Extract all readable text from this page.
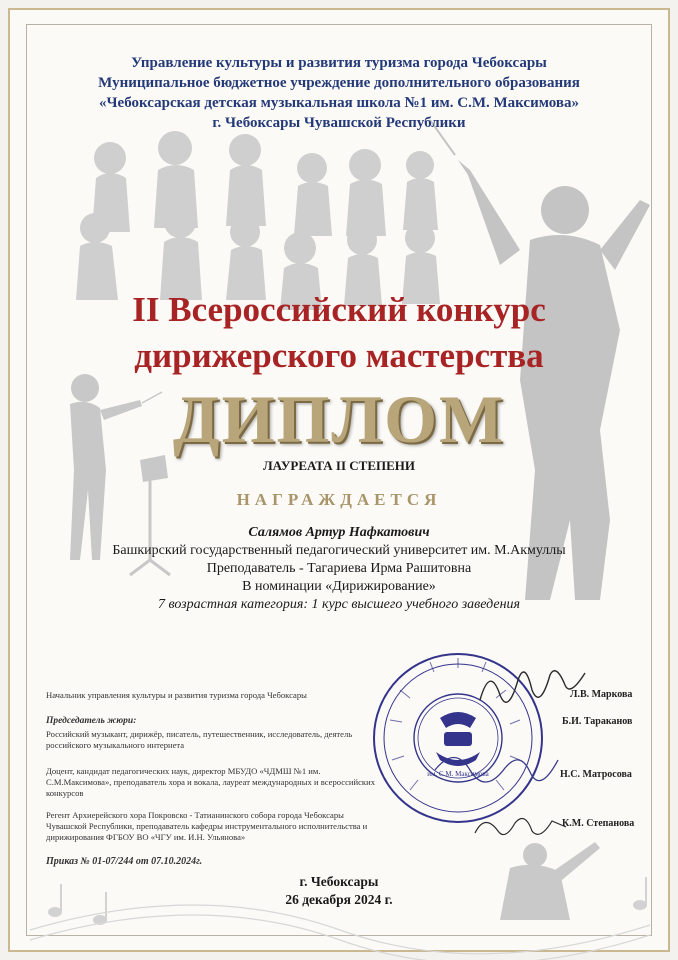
Управление культуры и развития туризма города Чебоксары
Муниципальное бюджетное учреждение дополнительного образования
«Чебоксарская детская музыкальная школа №1 им. С.М. Максимова»
г. Чебоксары Чувашской Республики
II Всероссийский конкурс
дирижерского мастерства
ДИПЛОМ
ЛАУРЕАТА II СТЕПЕНИ
НАГРАЖДАЕТСЯ
Салямов Артур Нафкатович
Башкирский государственный педагогический университет им. М.Акмуллы
Преподаватель - Тагариева Ирма Рашитовна
В номинации «Дирижирование»
7 возрастная категория: 1 курс высшего учебного заведения
Начальник управления культуры и развития туризма города Чебоксары	Л.В. Маркова
Председатель жюри:	Б.И. Тараканов
Российский музыкант, дирижёр, писатель, путешественник, исследователь, деятель российского музыкального интернета
Доцент, кандидат педагогических наук, директор МБУДО «ЧДМШ №1 им. С.М.Максимова», преподаватель хора и вокала, лауреат международных и всероссийских конкурсов
Н.С. Матросова
Регент Архиерейского хора Покровско - Татианинского собора города Чебоксары Чувашской Республики, преподаватель кафедры инструментального исполнительства и дирижирования ФГБОУ ВО «ЧГУ им. И.Н. Ульянова»
К.М. Степанова
им. С.М. Максимова
Приказ № 01-07/244 от 07.10.2024г.
г. Чебоксары
26 декабря 2024 г.
